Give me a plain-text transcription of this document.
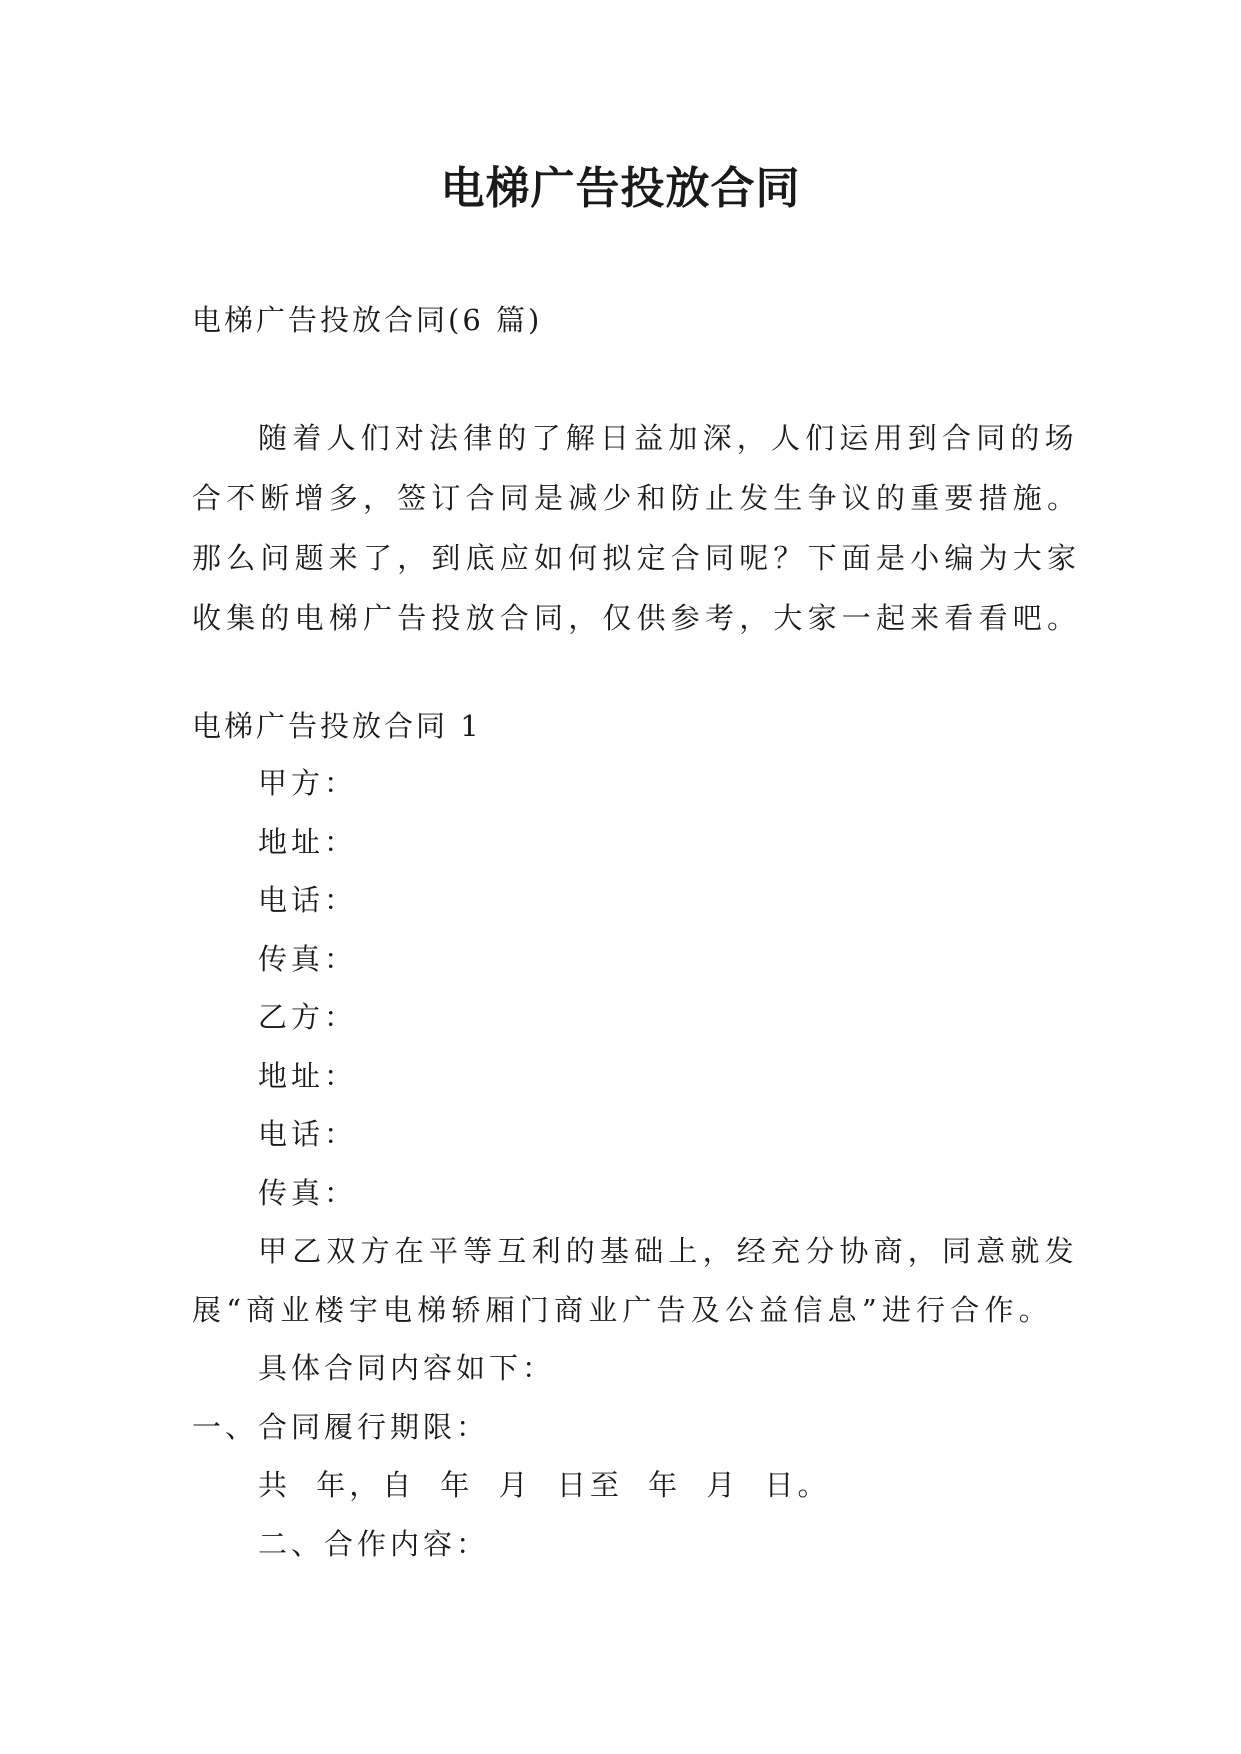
电梯广告投放合同

电梯广告投放合同(6 篇)

随着人们对法律的了解日益加深，人们运用到合同的场
合不断增多，签订合同是减少和防止发生争议的重要措施。
那么问题来了，到底应如何拟定合同呢？下面是小编为大家
收集的电梯广告投放合同，仅供参考，大家一起来看看吧。

电梯广告投放合同 1

甲方：
地址：
电话：
传真：
乙方：
地址：
电话：
传真：
甲乙双方在平等互利的基础上，经充分协商，同意就发
展“商业楼宇电梯轿厢门商业广告及公益信息”进行合作。
具体合同内容如下：
一、合同履行期限：
共 年，自 年 月 日至 年 月 日。
二、合作内容：
